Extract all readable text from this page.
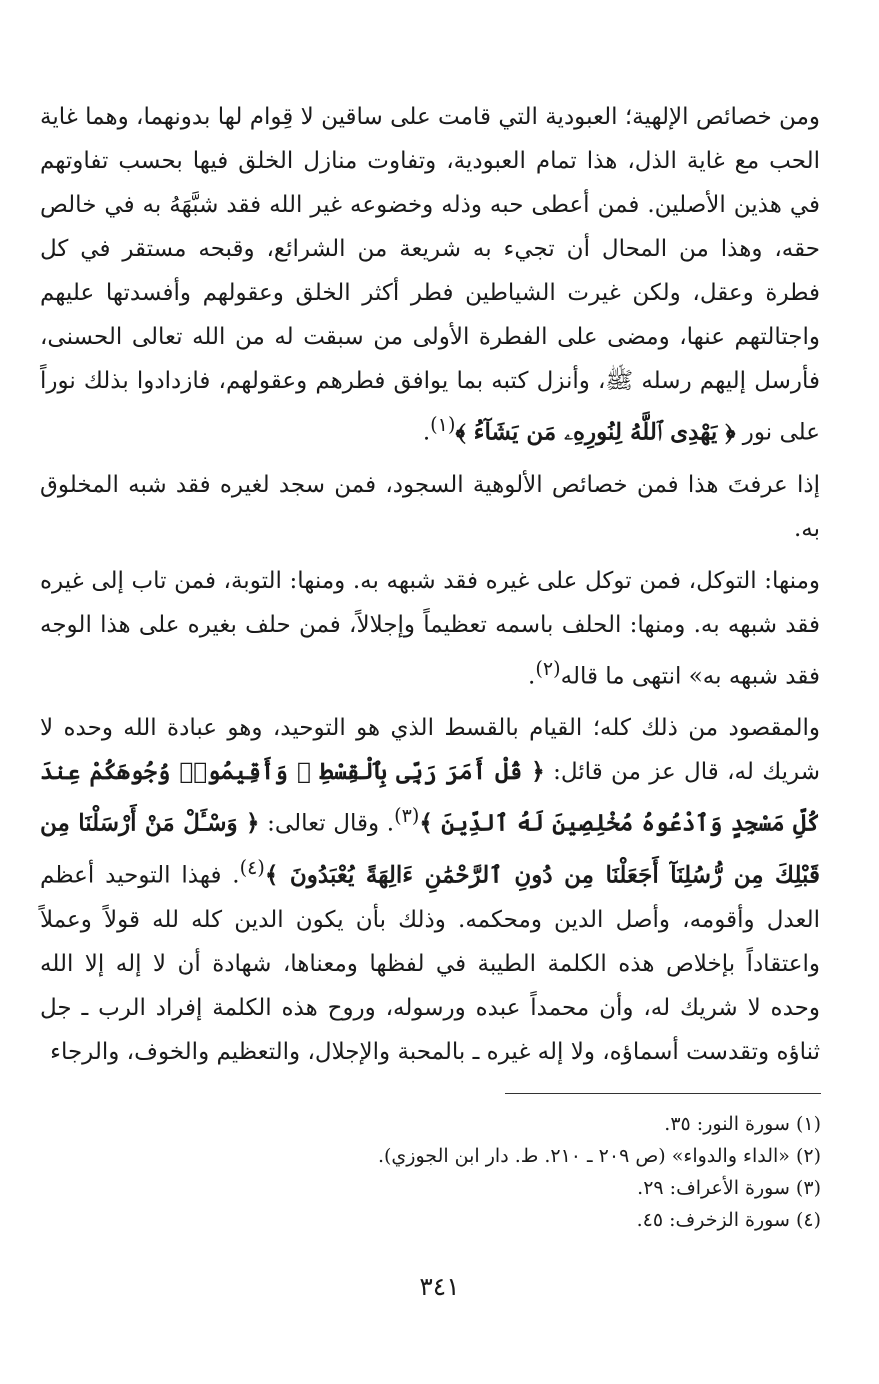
ومن خصائص الإلهية؛ العبودية التي قامت على ساقين لا قِوام لها بدونهما، وهما غاية الحب مع غاية الذل، هذا تمام العبودية، وتفاوت منازل الخلق فيها بحسب تفاوتهم في هذين الأصلين. فمن أعطى حبه وذله وخضوعه غير الله فقد شبَّهَهُ به في خالص حقه، وهذا من المحال أن تجيء به شريعة من الشرائع، وقبحه مستقر في كل فطرة وعقل، ولكن غيرت الشياطين فطر أكثر الخلق وعقولهم وأفسدتها عليهم واجتالتهم عنها، ومضى على الفطرة الأولى من سبقت له من الله تعالى الحسنى، فأرسل إليهم رسله ﷺ، وأنزل كتبه بما يوافق فطرهم وعقولهم، فازدادوا بذلك نوراً على نور ﴿ يَهْدِى ٱللَّهُ لِنُورِهِۦ مَن يَشَآءُ ﴾$^{(١)}$.

إذا عرفتَ هذا فمن خصائص الألوهية السجود، فمن سجد لغيره فقد شبه المخلوق به.

ومنها: التوكل، فمن توكل على غيره فقد شبهه به. ومنها: التوبة، فمن تاب إلى غيره فقد شبهه به. ومنها: الحلف باسمه تعظيماً وإجلالاً، فمن حلف بغيره على هذا الوجه فقد شبهه به» انتهى ما قاله$^{(٢)}$.

والمقصود من ذلك كله؛ القيام بالقسط الذي هو التوحيد، وهو عبادة الله وحده لا شريك له، قال عز من قائل: ﴿ قُلْ أَمَرَ رَبِّى بِٱلْقِسْطِ ۖ وَأَقِيمُوا۟ وُجُوهَكُمْ عِندَ كُلِّ مَسْجِدٍ وَٱدْعُوهُ مُخْلِصِينَ لَهُ ٱلدِّينَ ﴾$^{(٣)}$. وقال تعالى: ﴿ وَسْـَٔلْ مَنْ أَرْسَلْنَا مِن قَبْلِكَ مِن رُّسُلِنَآ أَجَعَلْنَا مِن دُونِ ٱلرَّحْمَٰنِ ءَالِهَةً يُعْبَدُونَ ﴾$^{(٤)}$. فهذا التوحيد أعظم العدل وأقومه، وأصل الدين ومحكمه. وذلك بأن يكون الدين كله لله قولاً وعملاً واعتقاداً بإخلاص هذه الكلمة الطيبة في لفظها ومعناها، شهادة أن لا إله إلا الله وحده لا شريك له، وأن محمداً عبده ورسوله، وروح هذه الكلمة إفراد الرب ـ جل ثناؤه وتقدست أسماؤه، ولا إله غيره ـ بالمحبة والإجلال، والتعظيم والخوف، والرجاء

(١) سورة النور: ٣٥.
(٢) «الداء والدواء» (ص ٢٠٩ ـ ٢١٠. ط. دار ابن الجوزي).
(٣) سورة الأعراف: ٢٩.
(٤) سورة الزخرف: ٤٥.
٣٤١
